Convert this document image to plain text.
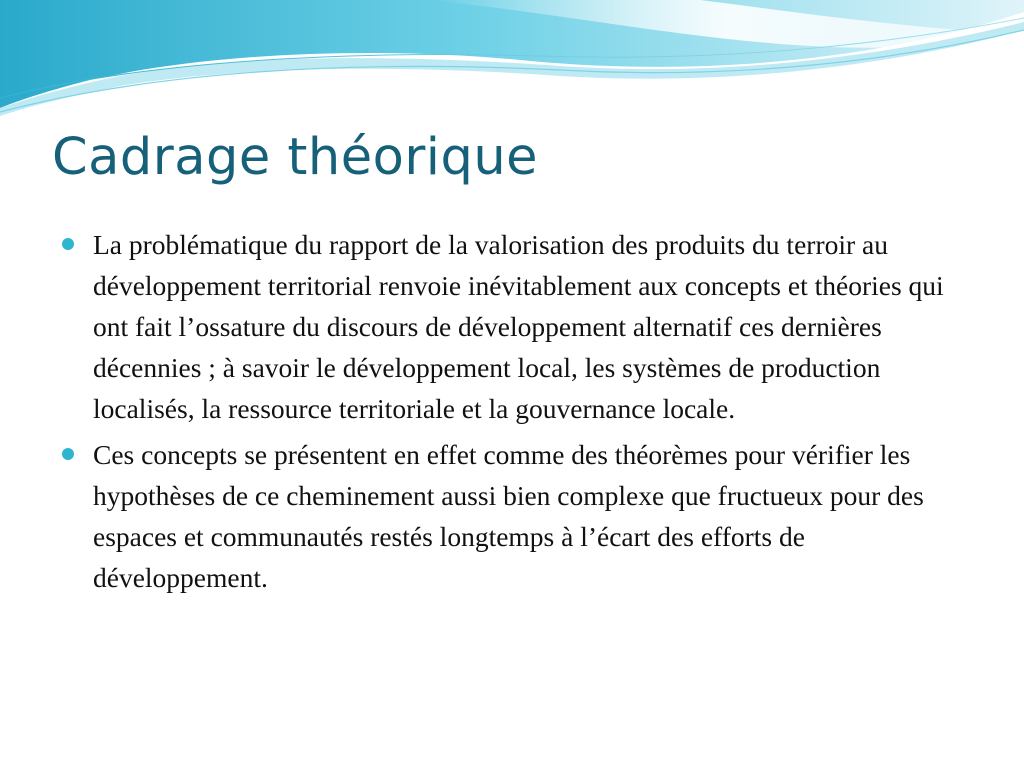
Cadrage théorique
La problématique du rapport de la valorisation des produits du terroir au développement territorial renvoie inévitablement aux concepts et théories qui ont fait l’ossature du discours de développement alternatif ces dernières décennies ; à savoir le développement local, les systèmes de production localisés, la ressource territoriale et la gouvernance locale.
Ces concepts se présentent en effet comme des théorèmes pour vérifier les hypothèses de ce cheminement aussi bien complexe que fructueux pour des espaces et communautés restés longtemps à l’écart des efforts de développement.
